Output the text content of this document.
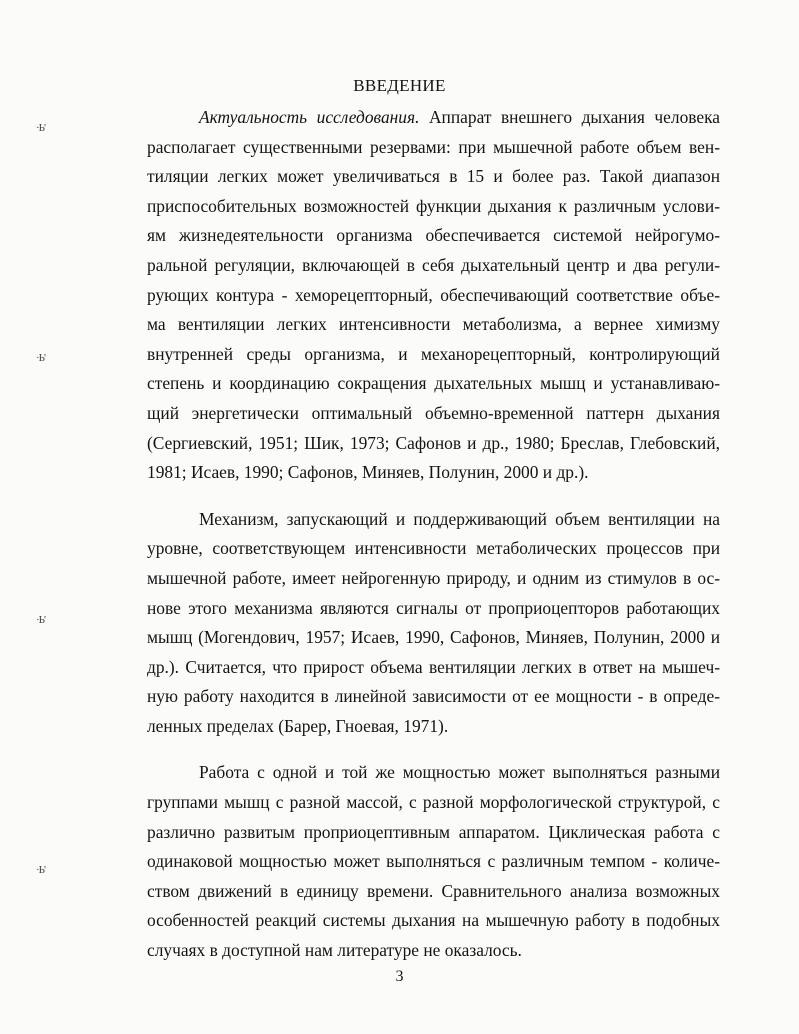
·Ь'
·Ь'
·Ь'
·Ь'
ВВЕДЕНИЕ
Актуальность исследования. Аппарат внешнего дыхания человека
располагает существенными резервами: при мышечной работе объем вен-
тиляции легких может увеличиваться в 15 и более раз. Такой диапазон
приспособительных возможностей функции дыхания к различным услови-
ям жизнедеятельности организма обеспечивается системой нейрогумо-
ральной регуляции, включающей в себя дыхательный центр и два регули-
рующих контура - хеморецепторный, обеспечивающий соответствие объе-
ма вентиляции легких интенсивности метаболизма, а вернее химизму
внутренней среды организма, и механорецепторный, контролирующий
степень и координацию сокращения дыхательных мышц и устанавливаю-
щий энергетически оптимальный объемно-временной паттерн дыхания
(Сергиевский, 1951; Шик, 1973; Сафонов и др., 1980; Бреслав, Глебовский,
1981; Исаев, 1990; Сафонов, Миняев, Полунин, 2000 и др.).
Механизм, запускающий и поддерживающий объем вентиляции на
уровне, соответствующем интенсивности метаболических процессов при
мышечной работе, имеет нейрогенную природу, и одним из стимулов в ос-
нове этого механизма являются сигналы от проприоцепторов работающих
мышц (Могендович, 1957; Исаев, 1990, Сафонов, Миняев, Полунин, 2000 и
др.). Считается, что прирост объема вентиляции легких в ответ на мышеч-
ную работу находится в линейной зависимости от ее мощности - в опреде-
ленных пределах (Барер, Гноевая, 1971).
Работа с одной и той же мощностью может выполняться разными
группами мышц с разной массой, с разной морфологической структурой, с
различно развитым проприоцептивным аппаратом. Циклическая работа с
одинаковой мощностью может выполняться с различным темпом - количе-
ством движений в единицу времени. Сравнительного анализа возможных
особенностей реакций системы дыхания на мышечную работу в подобных
случаях в доступной нам литературе не оказалось.
3
